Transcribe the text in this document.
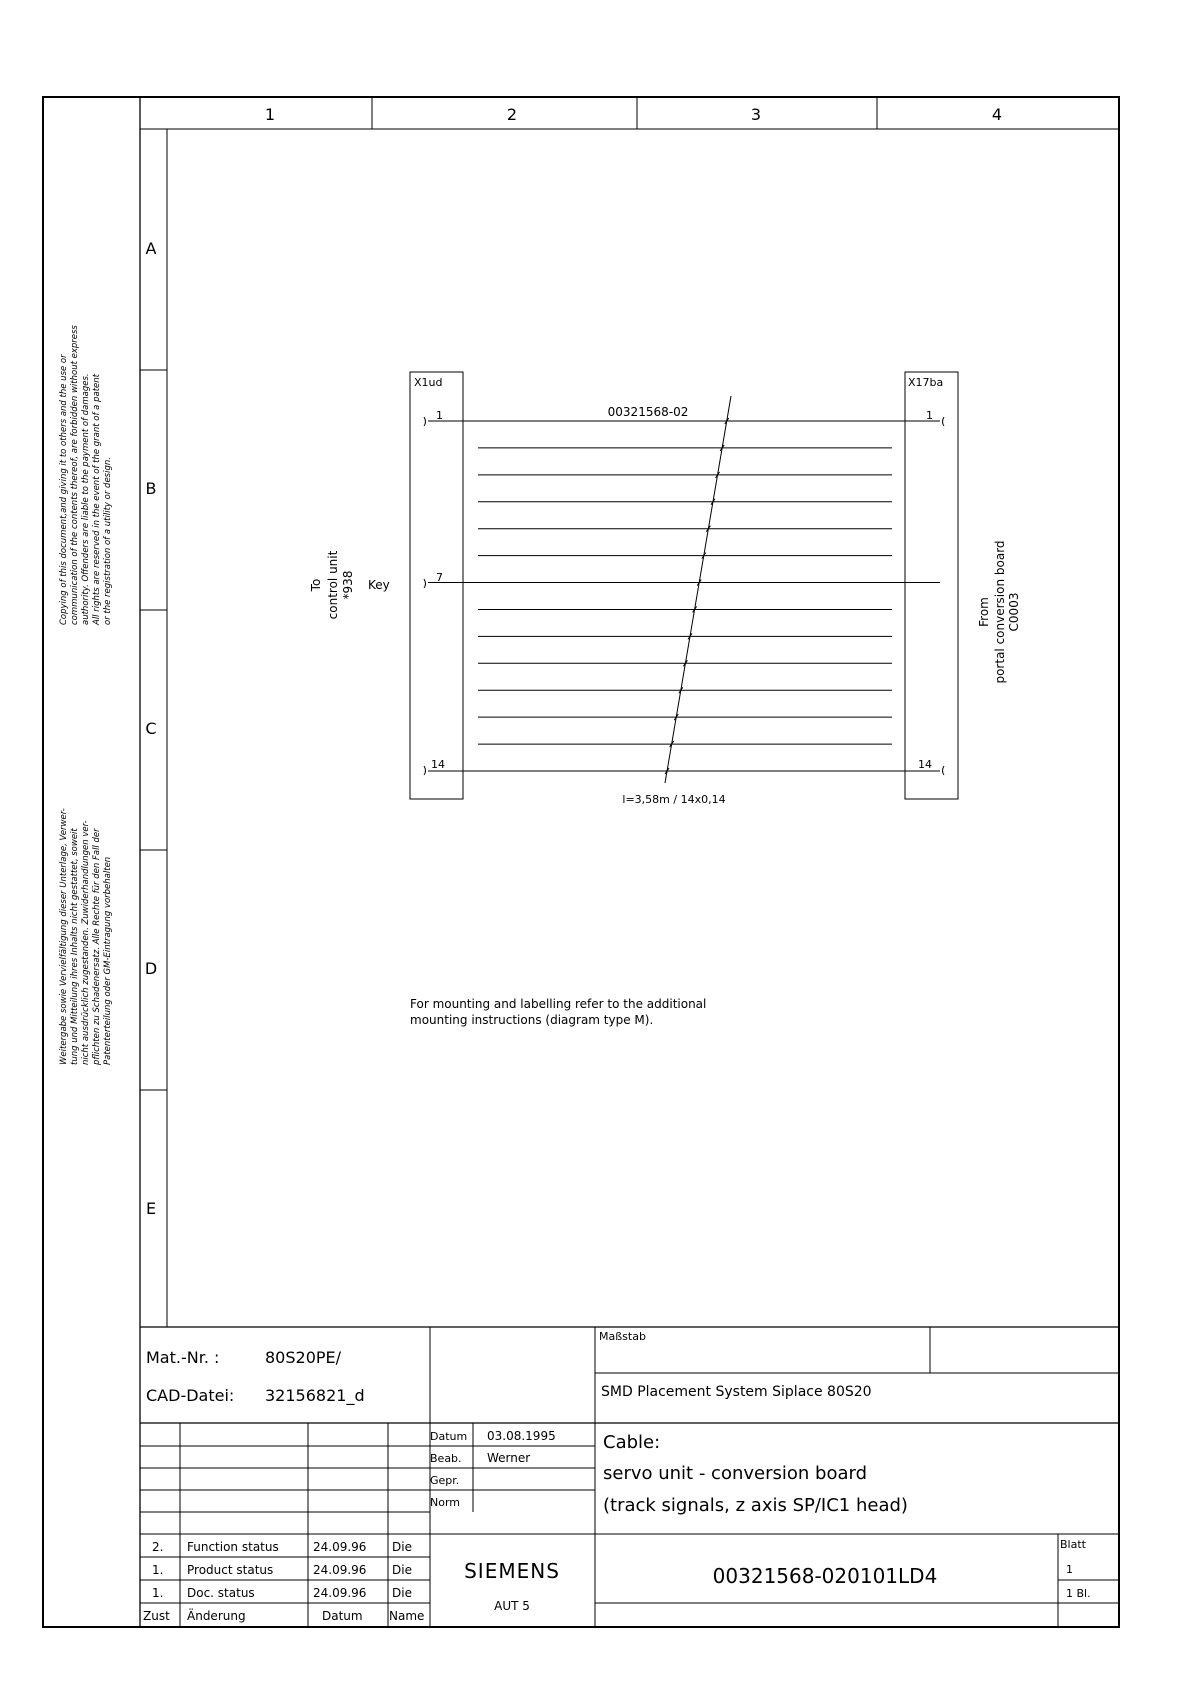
1	2	3	4
A
B
C
D
E
Copying of this document,and giving it to others and the use or communication of the contents thereof, are forbidden without express authority. Offenders are liable to the payment of damages. All rights are reserved in the event of the grant of a patent or the registration of a utility or design.
Weitergabe sowie Vervielfältigung dieser Unterlage, Verwer- tung und Mitteilung ihres Inhalts nicht gestattet, soweit nicht ausdrücklich zugestanden. Zuwiderhandlungen ver- pflichten zu Schadenersatz. Alle Rechte für den Fall der Patenterteilung oder GM-Eintragung vorbehalten
X1ud	X17ba
1
7
14
1
14
00321568-02
l=3,58m / 14x0,14
Key
To control unit *938
From portal conversion board C0003
For mounting and labelling refer to the additional
mounting instructions (diagram type M).
Mat.-Nr. :	80S20PE/
CAD-Datei: 32156821_d
Maßstab
SMD Placement System Siplace 80S20
Datum 03.08.1995
Beab. Werner
Gepr.
Norm
Cable:
servo unit - conversion board
(track signals, z axis SP/IC1 head)
2. Function status	24.09.96 Die
1. Product status	24.09.96 Die
1. Doc. status	24.09.96 Die
Zust Änderung	Datum Name
SIEMENS
AUT 5
00321568-020101LD4
Blatt
1
1 Bl.
